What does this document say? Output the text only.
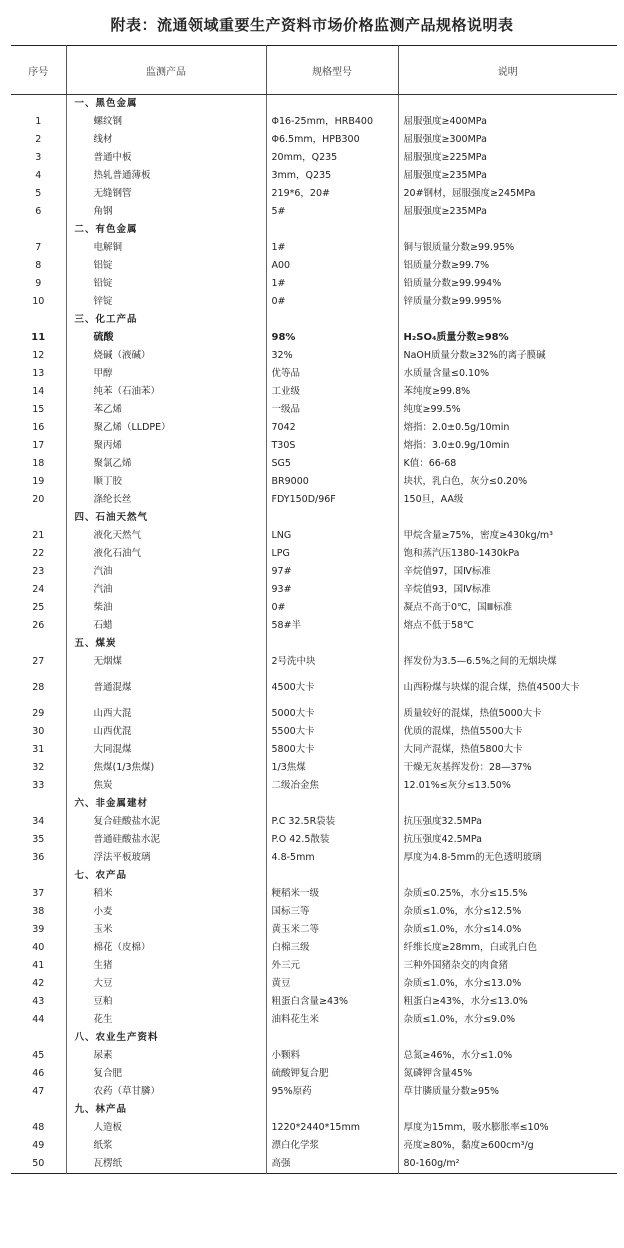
附表：流通领域重要生产资料市场价格监测产品规格说明表
序号	监测产品	规格型号	说明
	一、黑色金属		
1	螺纹钢	Φ16-25mm，HRB400	屈服强度≥400MPa
2	线材	Φ6.5mm，HPB300	屈服强度≥300MPa
3	普通中板	20mm，Q235	屈服强度≥225MPa
4	热轧普通薄板	3mm，Q235	屈服强度≥235MPa
5	无缝钢管	219*6，20#	20#钢材，屈服强度≥245MPa
6	角钢	5#	屈服强度≥235MPa
	二、有色金属		
7	电解铜	1#	铜与银质量分数≥99.95%
8	铝锭	A00	铝质量分数≥99.7%
9	铅锭	1#	铅质量分数≥99.994%
10	锌锭	0#	锌质量分数≥99.995%
	三、化工产品		
11	硫酸	98%	H₂SO₄质量分数≥98%
12	烧碱（液碱）	32%	NaOH质量分数≥32%的离子膜碱
13	甲醇	优等品	水质量含量≤0.10%
14	纯苯（石油苯）	工业级	苯纯度≥99.8%
15	苯乙烯	一级品	纯度≥99.5%
16	聚乙烯（LLDPE）	7042	熔指：2.0±0.5g/10min
17	聚丙烯	T30S	熔指：3.0±0.9g/10min
18	聚氯乙烯	SG5	K值：66-68
19	顺丁胶	BR9000	块状，乳白色，灰分≤0.20%
20	涤纶长丝	FDY150D/96F	150旦，AA级
	四、石油天然气		
21	液化天然气	LNG	甲烷含量≥75%，密度≥430kg/m³
22	液化石油气	LPG	饱和蒸汽压1380-1430kPa
23	汽油	97#	辛烷值97，国Ⅳ标准
24	汽油	93#	辛烷值93，国Ⅳ标准
25	柴油	0#	凝点不高于0℃，国Ⅲ标准
26	石蜡	58#半	熔点不低于58℃
	五、煤炭		
27	无烟煤	2号洗中块	挥发份为3.5—6.5%之间的无烟块煤
28	普通混煤	4500大卡	山西粉煤与块煤的混合煤，热值4500大卡
29	山西大混	5000大卡	质量较好的混煤，热值5000大卡
30	山西优混	5500大卡	优质的混煤，热值5500大卡
31	大同混煤	5800大卡	大同产混煤，热值5800大卡
32	焦煤(1/3焦煤)	1/3焦煤	干燥无灰基挥发份：28—37%
33	焦炭	二级冶金焦	12.01%≤灰分≤13.50%
	六、非金属建材		
34	复合硅酸盐水泥	P.C 32.5R袋装	抗压强度32.5MPa
35	普通硅酸盐水泥	P.O 42.5散装	抗压强度42.5MPa
36	浮法平板玻璃	4.8-5mm	厚度为4.8-5mm的无色透明玻璃
	七、农产品		
37	稻米	粳稻米一级	杂质≤0.25%，水分≤15.5%
38	小麦	国标三等	杂质≤1.0%，水分≤12.5%
39	玉米	黄玉米二等	杂质≤1.0%，水分≤14.0%
40	棉花（皮棉）	白棉三级	纤维长度≥28mm，白或乳白色
41	生猪	外三元	三种外国猪杂交的肉食猪
42	大豆	黄豆	杂质≤1.0%，水分≤13.0%
43	豆粕	粗蛋白含量≥43%	粗蛋白≥43%，水分≤13.0%
44	花生	油料花生米	杂质≤1.0%，水分≤9.0%
	八、农业生产资料		
45	尿素	小颗料	总氮≥46%，水分≤1.0%
46	复合肥	硫酸钾复合肥	氮磷钾含量45%
47	农药（草甘膦）	95%原药	草甘膦质量分数≥95%
	九、林产品		
48	人造板	1220*2440*15mm	厚度为15mm，吸水膨胀率≤10%
49	纸浆	漂白化学浆	亮度≥80%，黏度≥600cm³/g
50	瓦楞纸	高强	80-160g/m²
